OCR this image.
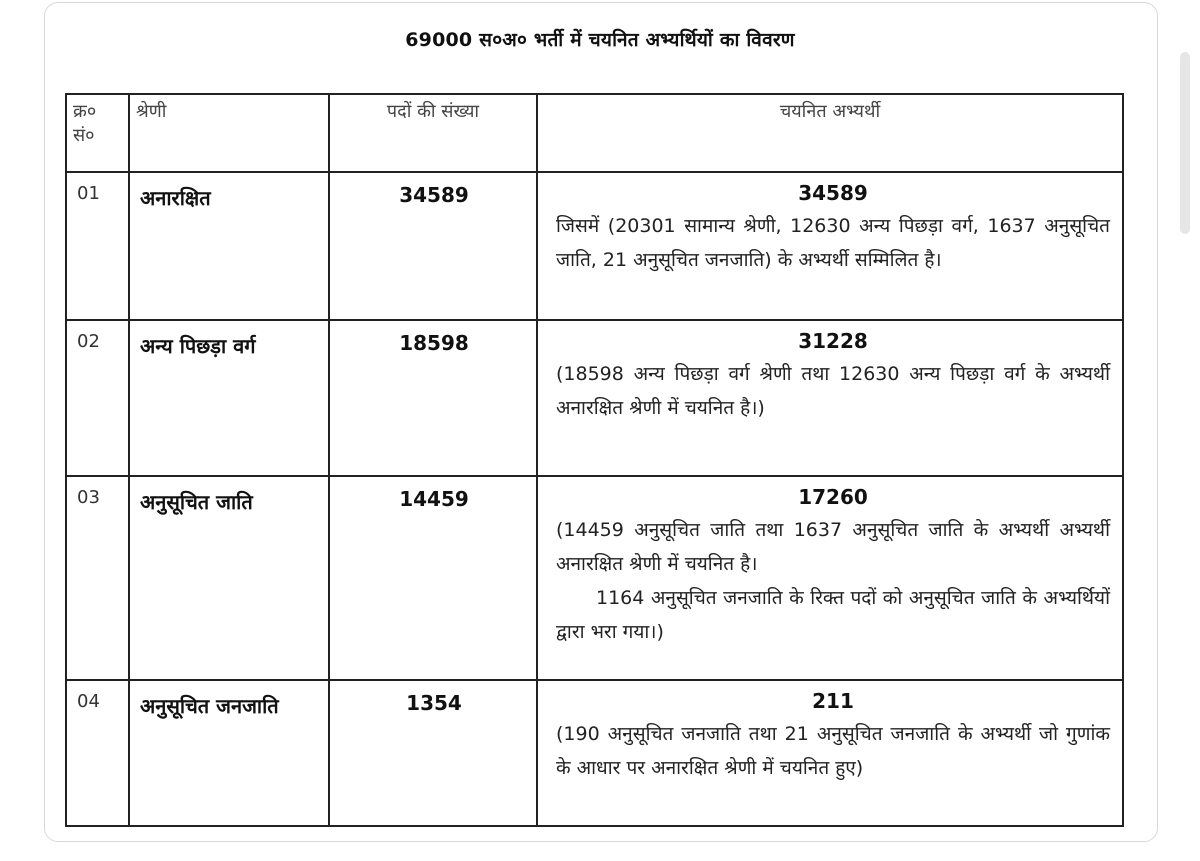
69000 स०अ० भर्ती में चयनित अभ्यर्थियों का विवरण
क्र०
सं०	श्रेणी	पदों की संख्या	चयनित अभ्यर्थी
01	अनारक्षित	34589	34589
जिसमें (20301 सामान्य श्रेणी, 12630 अन्य पिछड़ा वर्ग, 1637 अनुसूचित जाति, 21 अनुसूचित जनजाति) के अभ्यर्थी सम्मिलित है।

02	अन्य पिछड़ा वर्ग	18598	31228
(18598 अन्य पिछड़ा वर्ग श्रेणी तथा 12630 अन्य पिछड़ा वर्ग के अभ्यर्थी अनारक्षित श्रेणी में चयनित है।)

03	अनुसूचित जाति	14459	17260
(14459 अनुसूचित जाति तथा 1637 अनुसूचित जाति के अभ्यर्थी अभ्यर्थी अनारक्षित श्रेणी में चयनित है।
1164 अनुसूचित जनजाति के रिक्त पदों को अनुसूचित जाति के अभ्यर्थियों द्वारा भरा गया।)

04	अनुसूचित जनजाति	1354	211
(190 अनुसूचित जनजाति तथा 21 अनुसूचित जनजाति के अभ्यर्थी जो गुणांक के आधार पर अनारक्षित श्रेणी में चयनित हुए)
